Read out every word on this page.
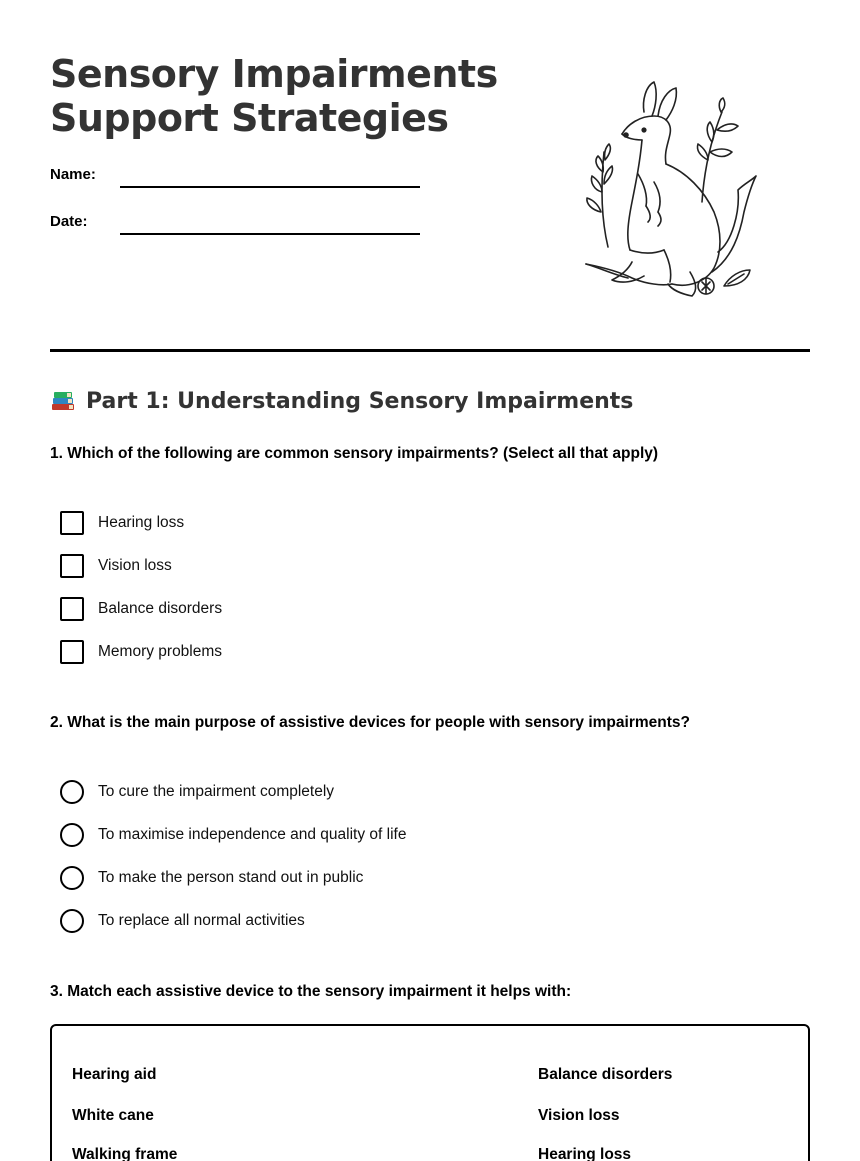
Sensory Impairments
Support Strategies
Name:
Date:
Part 1: Understanding Sensory Impairments
1. Which of the following are common sensory impairments? (Select all that apply)
Hearing loss
Vision loss
Balance disorders
Memory problems
2. What is the main purpose of assistive devices for people with sensory impairments?
To cure the impairment completely
To maximise independence and quality of life
To make the person stand out in public
To replace all normal activities
3. Match each assistive device to the sensory impairment it helps with:
Hearing aid
White cane
Walking frame
Balance disorders
Vision loss
Hearing loss
